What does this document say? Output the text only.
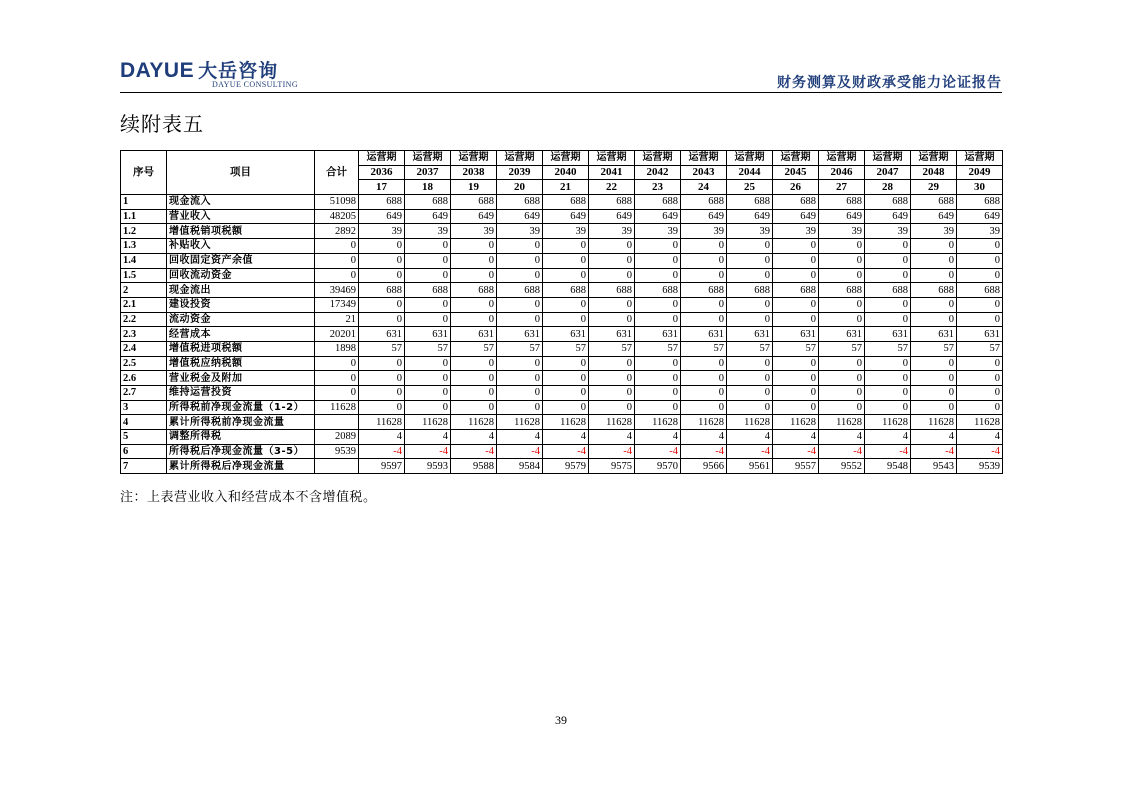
DAYUE 大岳咨询
DAYUE CONSULTING	财务测算及财政承受能力论证报告
续附表五
序号	项目	合计	运营期	运营期	运营期	运营期	运营期	运营期	运营期	运营期	运营期	运营期	运营期	运营期	运营期	运营期
			2036	2037	2038	2039	2040	2041	2042	2043	2044	2045	2046	2047	2048	2049
			17	18	19	20	21	22	23	24	25	26	27	28	29	30
1	现金流入	51098	688	688	688	688	688	688	688	688	688	688	688	688	688	688
1.1	营业收入	48205	649	649	649	649	649	649	649	649	649	649	649	649	649	649
1.2	增值税销项税额	2892	39	39	39	39	39	39	39	39	39	39	39	39	39	39
1.3	补贴收入	0	0	0	0	0	0	0	0	0	0	0	0	0	0	0
1.4	回收固定资产余值	0	0	0	0	0	0	0	0	0	0	0	0	0	0	0
1.5	回收流动资金	0	0	0	0	0	0	0	0	0	0	0	0	0	0	0
2	现金流出	39469	688	688	688	688	688	688	688	688	688	688	688	688	688	688
2.1	建设投资	17349	0	0	0	0	0	0	0	0	0	0	0	0	0	0
2.2	流动资金	21	0	0	0	0	0	0	0	0	0	0	0	0	0	0
2.3	经营成本	20201	631	631	631	631	631	631	631	631	631	631	631	631	631	631
2.4	增值税进项税额	1898	57	57	57	57	57	57	57	57	57	57	57	57	57	57
2.5	增值税应纳税额	0	0	0	0	0	0	0	0	0	0	0	0	0	0	0
2.6	营业税金及附加	0	0	0	0	0	0	0	0	0	0	0	0	0	0	0
2.7	维持运营投资	0	0	0	0	0	0	0	0	0	0	0	0	0	0	0
3	所得税前净现金流量（1-2）	11628	0	0	0	0	0	0	0	0	0	0	0	0	0	0
4	累计所得税前净现金流量		11628	11628	11628	11628	11628	11628	11628	11628	11628	11628	11628	11628	11628	11628
5	调整所得税	2089	4	4	4	4	4	4	4	4	4	4	4	4	4	4
6	所得税后净现金流量（3-5）	9539	-4	-4	-4	-4	-4	-4	-4	-4	-4	-4	-4	-4	-4	-4
7	累计所得税后净现金流量		9597	9593	9588	9584	9579	9575	9570	9566	9561	9557	9552	9548	9543	9539
注：上表营业收入和经营成本不含增值税。
39
